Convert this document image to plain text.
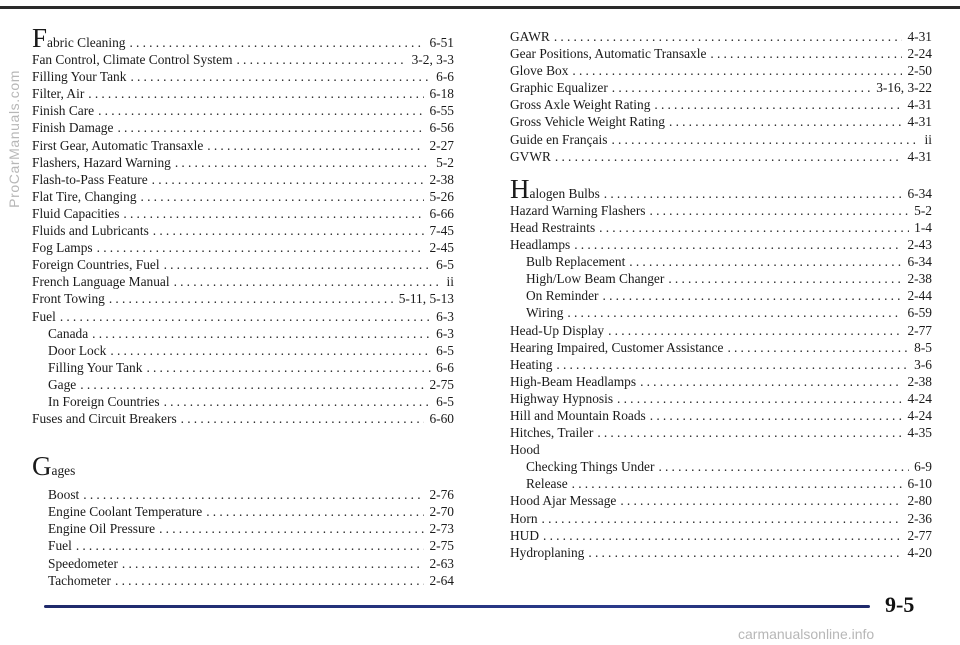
ProCarManuals.com
Fabric Cleaning .....	6-51
Fan Control, Climate Control System .....	3-2, 3-3
Filling Your Tank .....	6-6
Filter, Air .....	6-18
Finish Care .....	6-55
Finish Damage .....	6-56
First Gear, Automatic Transaxle .....	2-27
Flashers, Hazard Warning .....	5-2
Flash-to-Pass Feature .....	2-38
Flat Tire, Changing .....	5-26
Fluid Capacities .....	6-66
Fluids and Lubricants .....	7-45
Fog Lamps .....	2-45
Foreign Countries, Fuel .....	6-5
French Language Manual .....	ii
Front Towing .....	5-11, 5-13
Fuel .....	6-3
Canada .....	6-3
Door Lock .....	6-5
Filling Your Tank .....	6-6
Gage .....	2-75
In Foreign Countries .....	6-5
Fuses and Circuit Breakers .....	6-60
Gages
Boost .....	2-76
Engine Coolant Temperature .....	2-70
Engine Oil Pressure .....	2-73
Fuel .....	2-75
Speedometer .....	2-63
Tachometer .....	2-64
GAWR .....	4-31
Gear Positions, Automatic Transaxle .....	2-24
Glove Box .....	2-50
Graphic Equalizer .....	3-16, 3-22
Gross Axle Weight Rating .....	4-31
Gross Vehicle Weight Rating .....	4-31
Guide en Français .....	ii
GVWR .....	4-31
Halogen Bulbs .....	6-34
Hazard Warning Flashers .....	5-2
Head Restraints .....	1-4
Headlamps .....	2-43
Bulb Replacement .....	6-34
High/Low Beam Changer .....	2-38
On Reminder .....	2-44
Wiring .....	6-59
Head-Up Display .....	2-77
Hearing Impaired, Customer Assistance .....	8-5
Heating .....	3-6
High-Beam Headlamps .....	2-38
Highway Hypnosis .....	4-24
Hill and Mountain Roads .....	4-24
Hitches, Trailer .....	4-35
Hood
Checking Things Under .....	6-9
Release .....	6-10
Hood Ajar Message .....	2-80
Horn .....	2-36
HUD .....	2-77
Hydroplaning .....	4-20
9-5
carmanualsonline.info
